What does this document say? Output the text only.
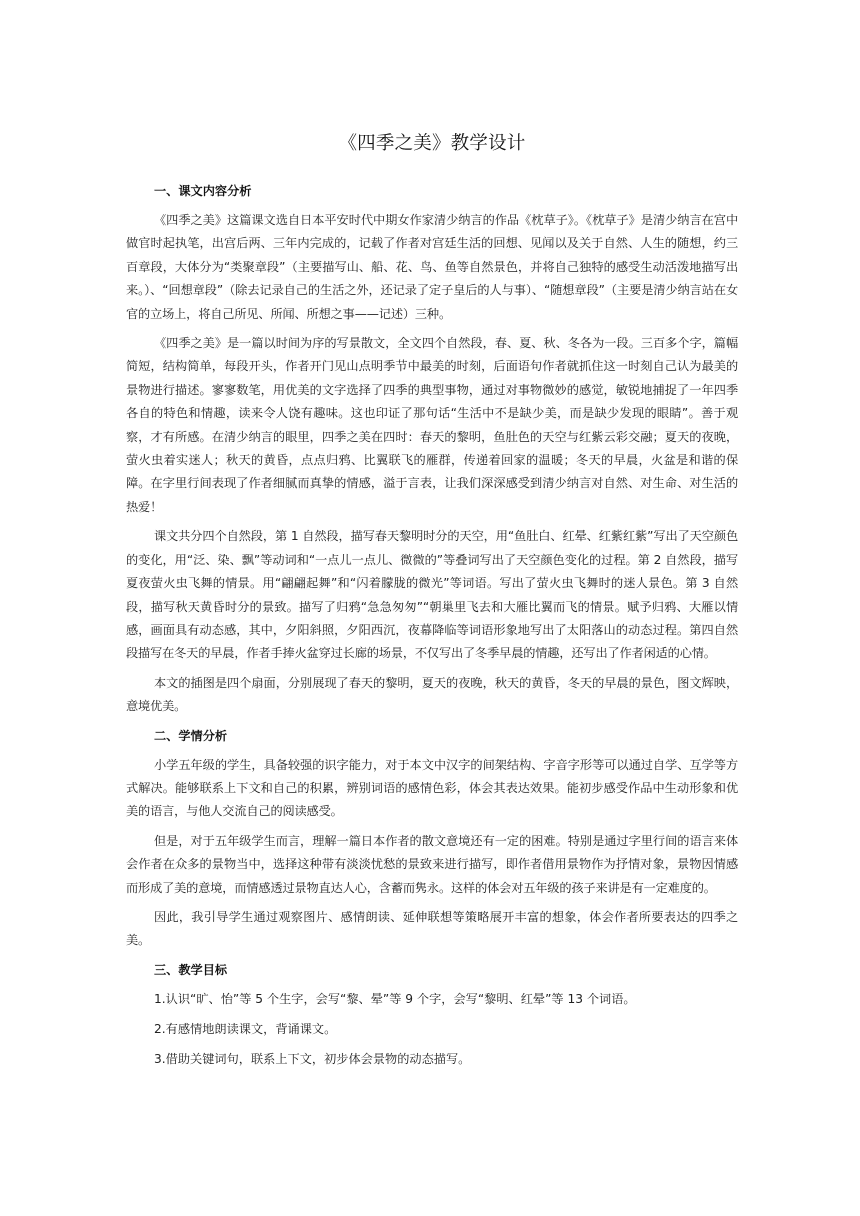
《四季之美》教学设计
一、课文内容分析

《四季之美》这篇课文选自日本平安时代中期女作家清少纳言的作品《枕草子》。《枕草子》是清少纳言在宫中做官时起执笔，出宫后两、三年内完成的，记载了作者对宫廷生活的回想、见闻以及关于自然、人生的随想，约三百章段，大体分为“类聚章段”（主要描写山、船、花、鸟、鱼等自然景色，并将自己独特的感受生动活泼地描写出来。）、“回想章段”（除去记录自己的生活之外，还记录了定子皇后的人与事）、“随想章段”（主要是清少纳言站在女官的立场上，将自己所见、所闻、所想之事——记述）三种。

《四季之美》是一篇以时间为序的写景散文，全文四个自然段，春、夏、秋、冬各为一段。三百多个字，篇幅简短，结构简单，每段开头，作者开门见山点明季节中最美的时刻，后面语句作者就抓住这一时刻自己认为最美的景物进行描述。寥寥数笔，用优美的文字选择了四季的典型事物，通过对事物微妙的感觉，敏锐地捕捉了一年四季各自的特色和情趣，读来令人饶有趣味。这也印证了那句话“生活中不是缺少美，而是缺少发现的眼睛”。善于观察，才有所感。在清少纳言的眼里，四季之美在四时：春天的黎明，鱼肚色的天空与红紫云彩交融；夏天的夜晚，萤火虫着实迷人；秋天的黄昏，点点归鸦、比翼联飞的雁群，传递着回家的温暖；冬天的早晨，火盆是和谐的保障。在字里行间表现了作者细腻而真挚的情感，溢于言表，让我们深深感受到清少纳言对自然、对生命、对生活的热爱！

课文共分四个自然段，第 1 自然段，描写春天黎明时分的天空，用“鱼肚白、红晕、红紫红紫”写出了天空颜色的变化，用“泛、染、飘”等动词和“一点儿一点儿、微微的”等叠词写出了天空颜色变化的过程。第 2 自然段，描写夏夜萤火虫飞舞的情景。用“翩翩起舞”和“闪着朦胧的微光”等词语。写出了萤火虫飞舞时的迷人景色。第 3 自然段，描写秋天黄昏时分的景致。描写了归鸦“急急匆匆”“朝巢里飞去和大雁比翼而飞的情景。赋予归鸦、大雁以情感，画面具有动态感，其中，夕阳斜照，夕阳西沉，夜幕降临等词语形象地写出了太阳落山的动态过程。第四自然段描写在冬天的早晨，作者手捧火盆穿过长廊的场景，不仅写出了冬季早晨的情趣，还写出了作者闲适的心情。

本文的插图是四个扇面，分别展现了春天的黎明，夏天的夜晚，秋天的黄昏，冬天的早晨的景色，图文辉映，意境优美。

二、学情分析

小学五年级的学生，具备较强的识字能力，对于本文中汉字的间架结构、字音字形等可以通过自学、互学等方式解决。能够联系上下文和自己的积累，辨别词语的感情色彩，体会其表达效果。能初步感受作品中生动形象和优美的语言，与他人交流自己的阅读感受。

但是，对于五年级学生而言，理解一篇日本作者的散文意境还有一定的困难。特别是通过字里行间的语言来体会作者在众多的景物当中，选择这种带有淡淡忧愁的景致来进行描写，即作者借用景物作为抒情对象，景物因情感而形成了美的意境，而情感透过景物直达人心，含蓄而隽永。这样的体会对五年级的孩子来讲是有一定难度的。

因此，我引导学生通过观察图片、感情朗读、延伸联想等策略展开丰富的想象，体会作者所要表达的四季之美。

三、教学目标

1.认识“旷、怡”等 5 个生字，会写“黎、晕”等 9 个字，会写“黎明、红晕”等 13 个词语。

2.有感情地朗读课文，背诵课文。

3.借助关键词句，联系上下文，初步体会景物的动态描写。
